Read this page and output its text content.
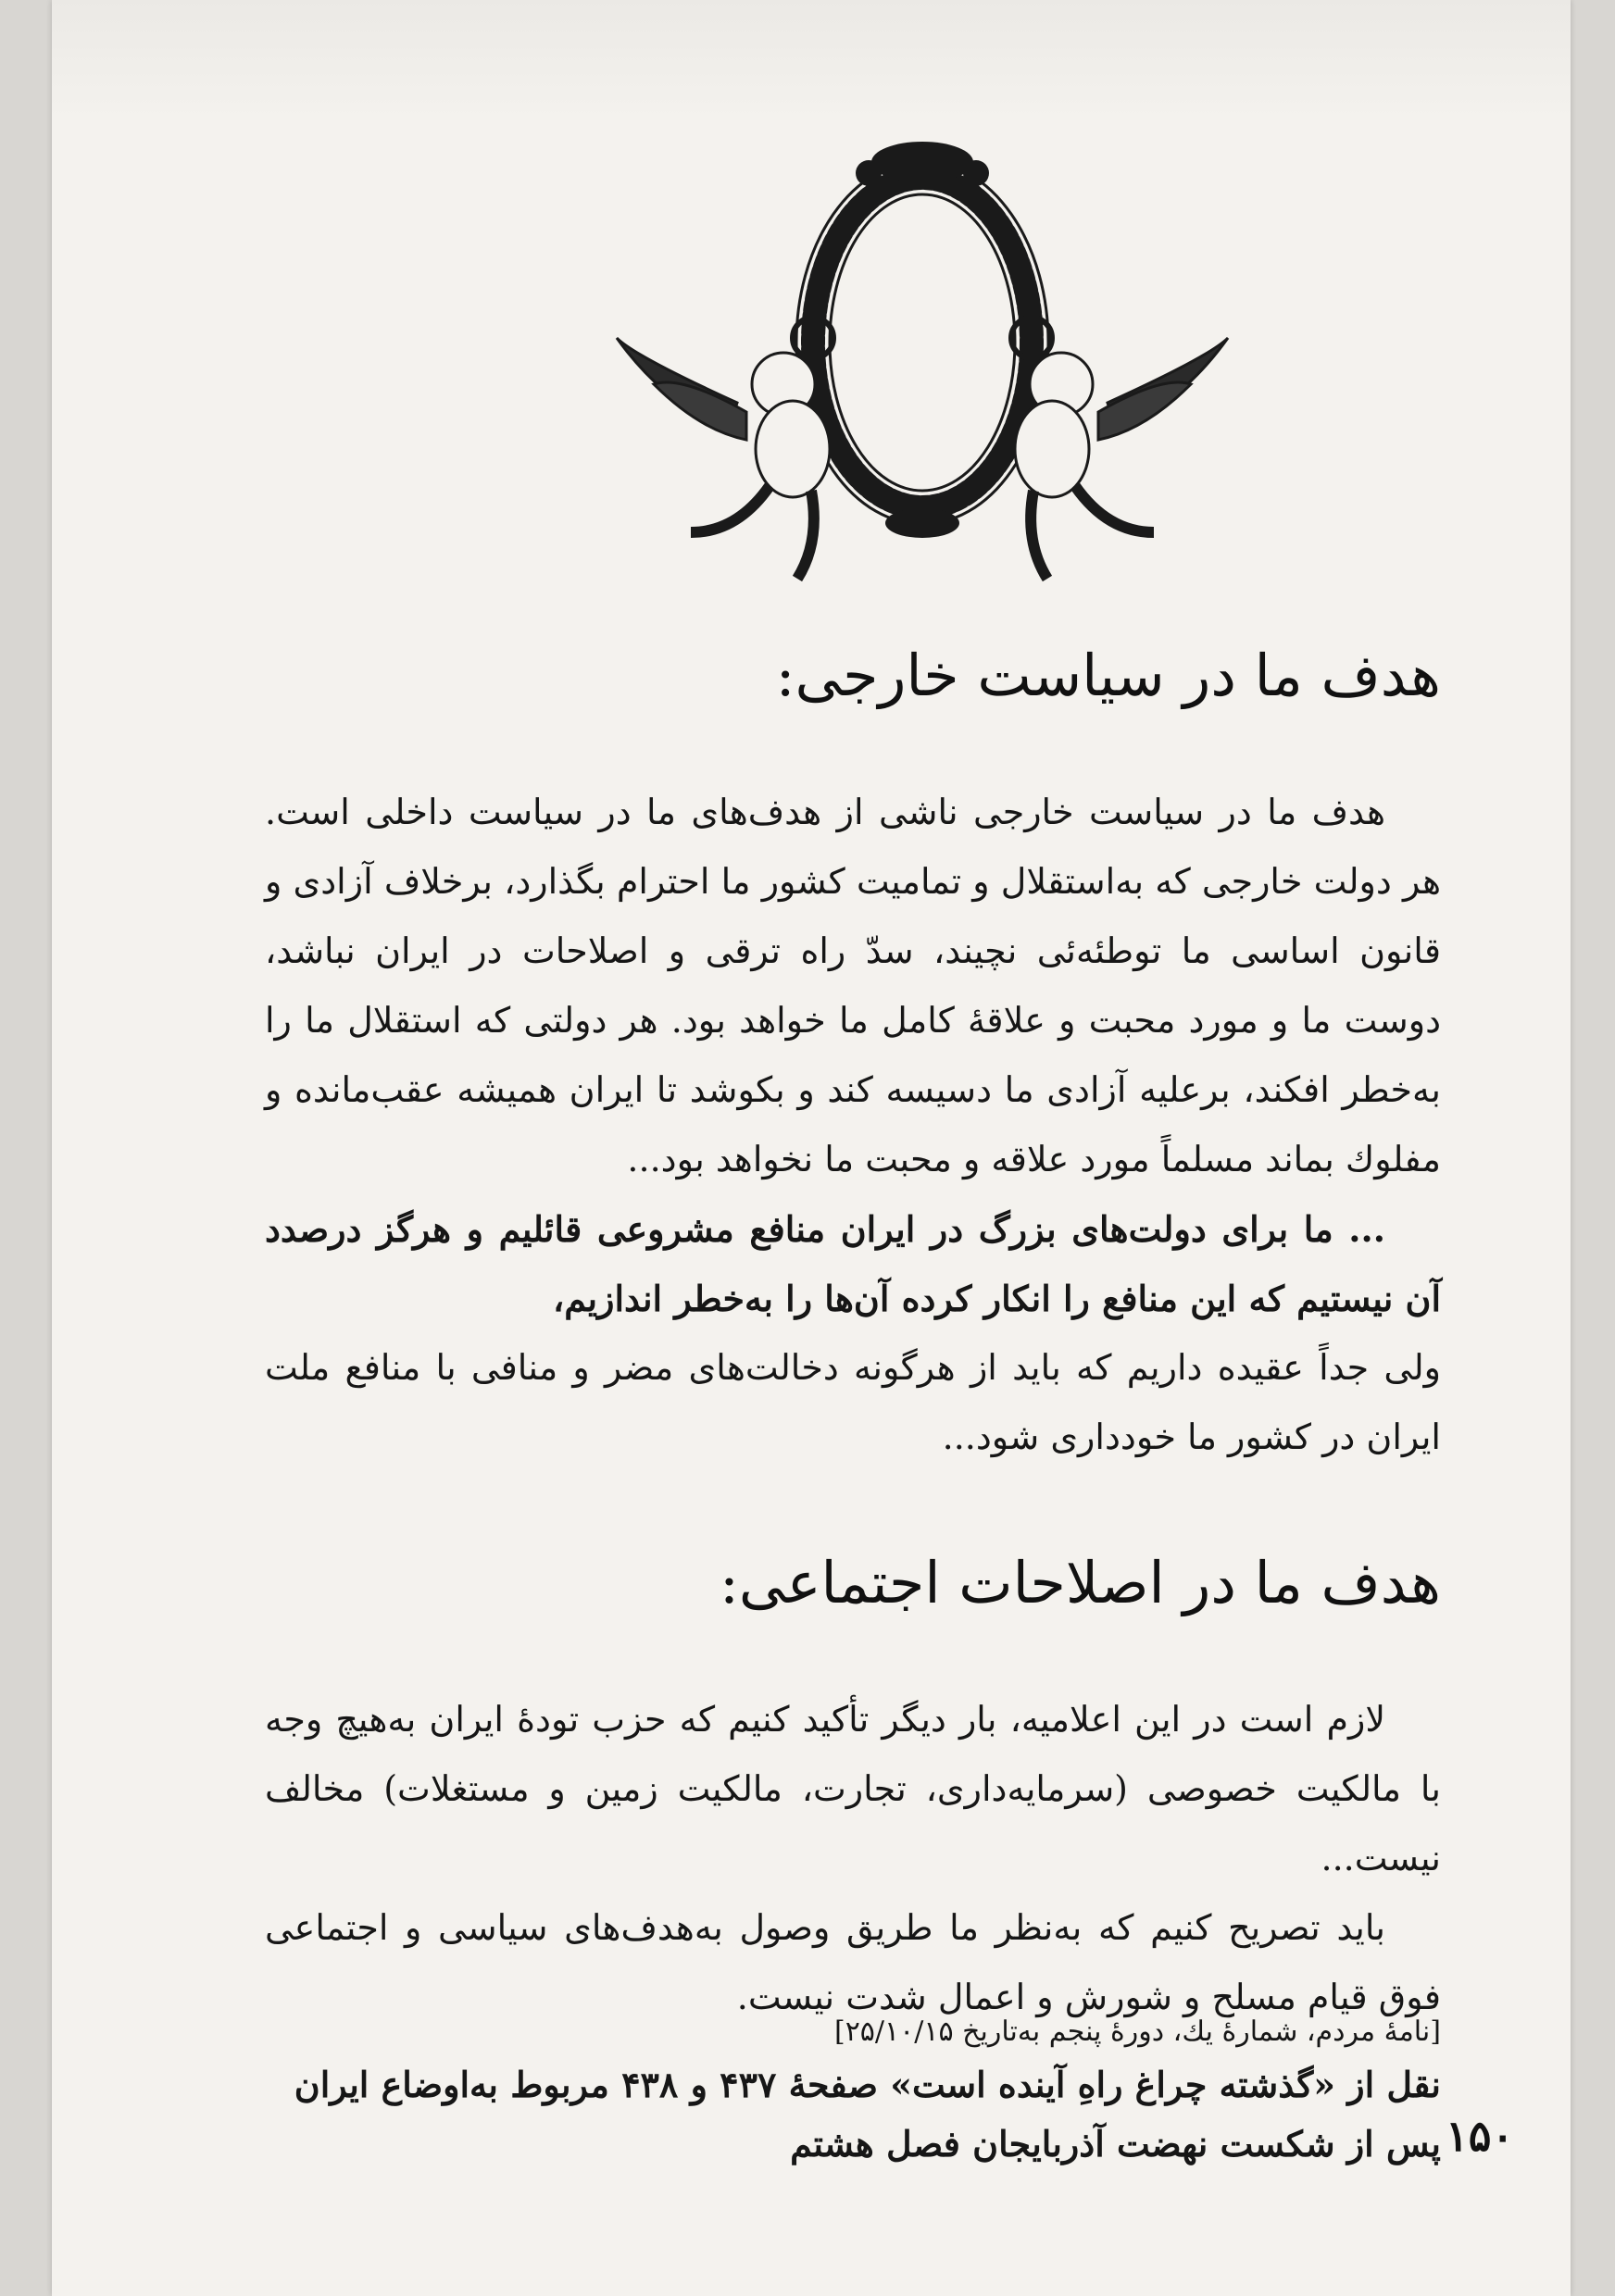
هدف ما در سیاست خارجی:

هدف ما در سیاست خارجی ناشی از هدف‌های ما در سیاست داخلی است. هر دولت خارجی که به‌استقلال و تمامیت کشور ما احترام بگذارد، برخلاف آزادی و قانون اساسی ما توطئه‌ئی نچیند، سدّ راه ترقی و اصلاحات در ایران نباشد، دوست ما و مورد محبت و علاقهٔ کامل ما خواهد بود. هر دولتی که استقلال ما را به‌خطر افکند، برعلیه آزادی ما دسیسه کند و بکوشد تا ایران همیشه عقب‌مانده و مفلوك بماند مسلماً مورد علاقه و محبت ما نخواهد بود...

... ما برای دولت‌های بزرگ در ایران منافع مشروعی قائلیم و هرگز درصدد آن نیستیم که این منافع را انکار کرده آن‌ها را به‌خطر اندازیم،

ولی جداً عقیده داریم که باید از هرگونه دخالت‌های مضر و منافی با منافع ملت ایران در کشور ما خودداری شود...

هدف ما در اصلاحات اجتماعی:

لازم است در این اعلامیه، بار دیگر تأکید کنیم که حزب تودهٔ ایران به‌هیچ وجه با مالکیت خصوصی (سرمایه‌داری، تجارت، مالکیت زمین و مستغلات) مخالف نیست...

باید تصریح کنیم که به‌نظر ما طریق وصول به‌هدف‌های سیاسی و اجتماعی فوق قیام مسلح و شورش و اعمال شدت نیست.

[نامهٔ مردم، شمارهٔ یك، دورهٔ پنجم به‌تاریخ ۲۵/۱۰/۱۵]
نقل از «گذشته چراغ راهِ آینده است» صفحهٔ ۴۳۷ و ۴۳۸ مربوط به‌اوضاع ایران پس از شکست نهضت آذربایجان فصل هشتم ۱۵۰
